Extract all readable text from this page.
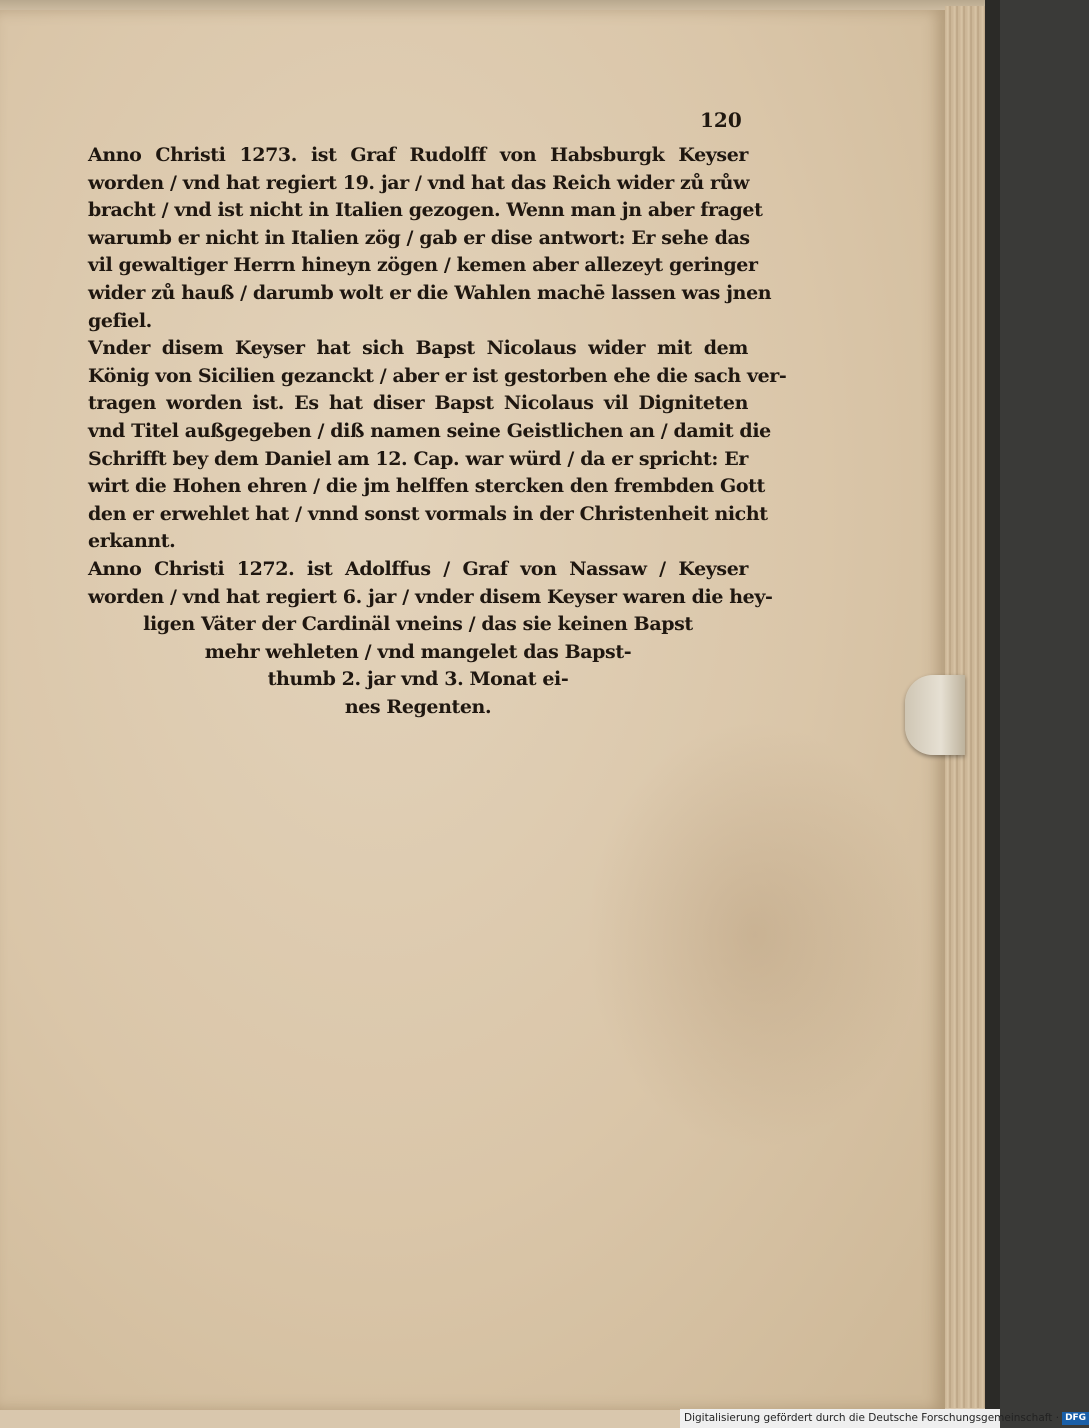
120
Anno Christi 1273. ist Graf Rudolff von Habsburgk Keyser
worden / vnd hat regiert 19. jar / vnd hat das Reich wider zů růw
bracht / vnd ist nicht in Italien gezogen. Wenn man jn aber fraget
warumb er nicht in Italien zög / gab er dise antwort: Er sehe das
vil gewaltiger Herrn hineyn zögen / kemen aber allezeyt geringer
wider zů hauß / darumb wolt er die Wahlen machē lassen was jnen
gefiel.
Vnder disem Keyser hat sich Bapst Nicolaus wider mit dem
König von Sicilien gezanckt / aber er ist gestorben ehe die sach ver-
tragen worden ist. Es hat diser Bapst Nicolaus vil Digniteten
vnd Titel außgegeben / diß namen seine Geistlichen an / damit die
Schrifft bey dem Daniel am 12. Cap. war würd / da er spricht: Er
wirt die Hohen ehren / die jm helffen stercken den frembden Gott
den er erwehlet hat / vnnd sonst vormals in der Christenheit nicht
erkannt.
Anno Christi 1272. ist Adolffus / Graf von Nassaw / Keyser
worden / vnd hat regiert 6. jar / vnder disem Keyser waren die hey-
ligen Väter der Cardinäl vneins / das sie keinen Bapst
mehr wehleten / vnd mangelet das Bapst-
thumb 2. jar vnd 3. Monat ei-
nes Regenten.
Digitalisierung gefördert durch die Deutsche Forschungsgemeinschaft · DFG
